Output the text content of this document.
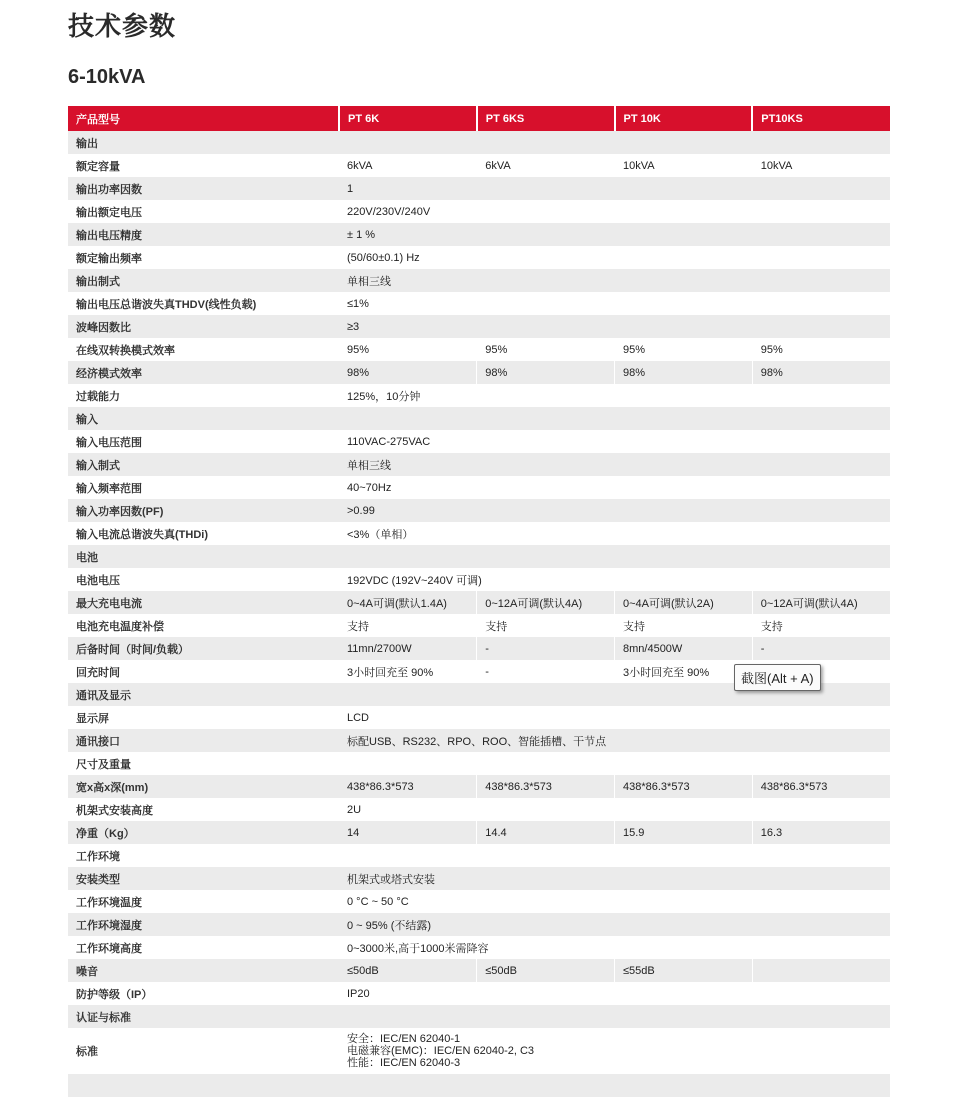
技术参数
6-10kVA
产品型号	PT 6K	PT 6KS	PT 10K	PT10KS
输出				
额定容量	6kVA	6kVA	10kVA	10kVA
输出功率因数	1			
输出额定电压	220V/230V/240V			
输出电压精度	± 1 %			
额定输出频率	(50/60±0.1) Hz			
输出制式	单相三线			
输出电压总谐波失真THDV(线性负载)	≤1%			
波峰因数比	≥3			
在线双转换模式效率	95%	95%	95%	95%
经济模式效率	98%	98%	98%	98%
过载能力	125%，10分钟			
输入				
输入电压范围	110VAC-275VAC			
输入制式	单相三线			
输入频率范围	40~70Hz			
输入功率因数(PF)	>0.99			
输入电流总谐波失真(THDi)	<3%（单相）			
电池				
电池电压	192VDC (192V~240V 可调)			
最大充电电流	0~4A可调(默认1.4A)	0~12A可调(默认4A)	0~4A可调(默认2A)	0~12A可调(默认4A)
电池充电温度补偿	支持	支持	支持	支持
后备时间（时间/负载）	11mn/2700W	-	8mn/4500W	-
回充时间	3小时回充至 90%	-	3小时回充至 90%	
通讯及显示				
显示屏	LCD			
通讯接口	标配USB、RS232、RPO、ROO、智能插槽、干节点			
尺寸及重量				
宽x高x深(mm)	438*86.3*573	438*86.3*573	438*86.3*573	438*86.3*573
机架式安装高度	2U			
净重（Kg）	14	14.4	15.9	16.3
工作环境				
安装类型	机架式或塔式安装			
工作环境温度	0 °C ~ 50 °C			
工作环境湿度	0 ~ 95% (不结露)			
工作环境高度	0~3000米,高于1000米需降容			
噪音	≤50dB	≤50dB	≤55dB	
防护等级（IP）	IP20			
认证与标准				
标准	安全：IEC/EN 62040-1
电磁兼容(EMC)：IEC/EN 62040-2, C3
性能：IEC/EN 62040-3			

截图(Alt + A)
